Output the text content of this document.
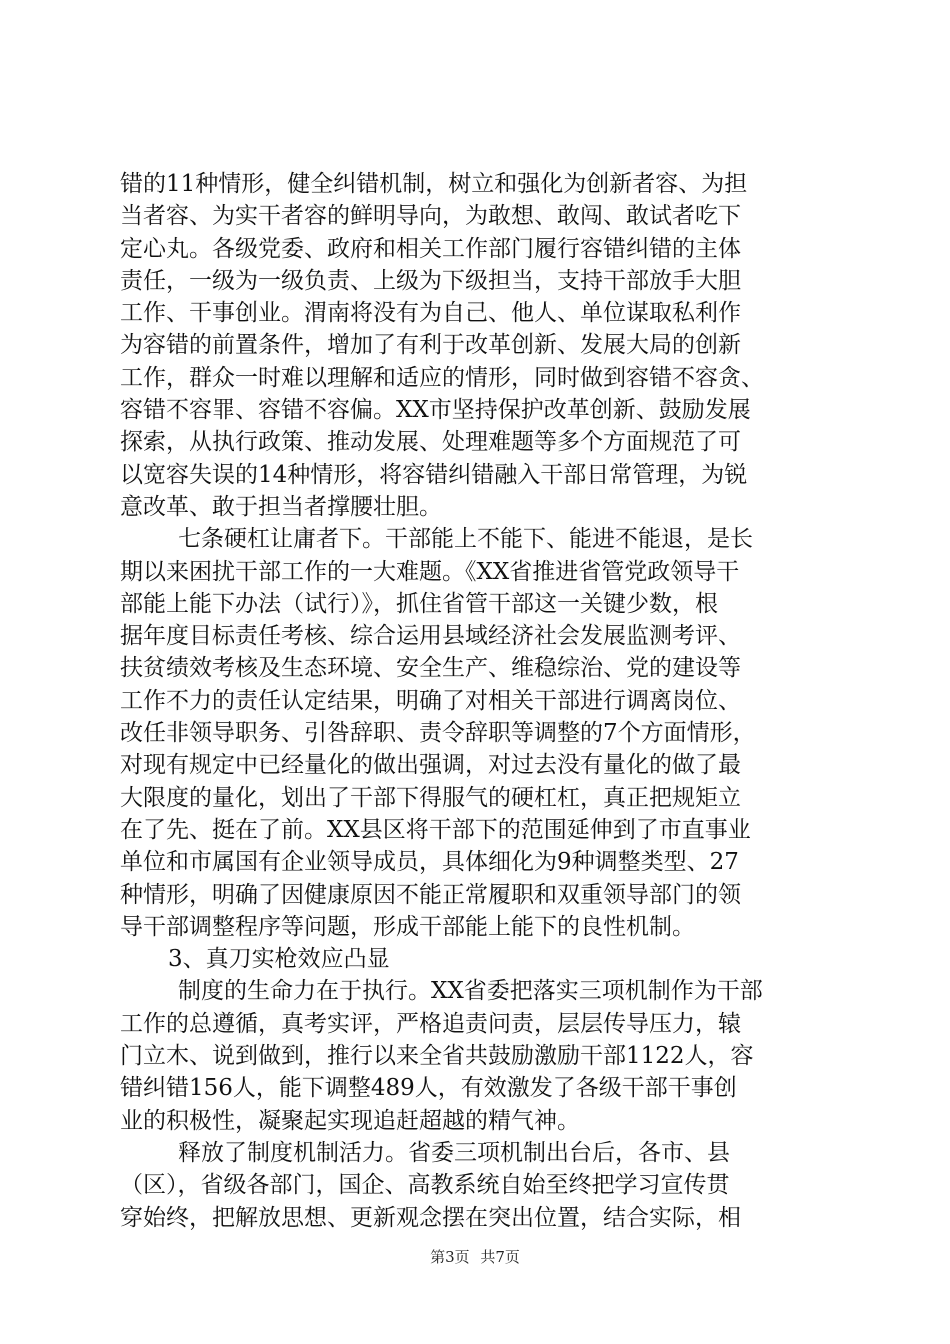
错的11种情形，健全纠错机制，树立和强化为创新者容、为担
当者容、为实干者容的鲜明导向，为敢想、敢闯、敢试者吃下
定心丸。各级党委、政府和相关工作部门履行容错纠错的主体
责任，一级为一级负责、上级为下级担当，支持干部放手大胆
工作、干事创业。渭南将没有为自己、他人、单位谋取私利作
为容错的前置条件，增加了有利于改革创新、发展大局的创新
工作，群众一时难以理解和适应的情形，同时做到容错不容贪、
容错不容罪、容错不容偏。XX市坚持保护改革创新、鼓励发展
探索，从执行政策、推动发展、处理难题等多个方面规范了可
以宽容失误的14种情形，将容错纠错融入干部日常管理，为锐
意改革、敢于担当者撑腰壮胆。
七条硬杠让庸者下。干部能上不能下、能进不能退，是长
期以来困扰干部工作的一大难题。《XX省推进省管党政领导干
部能上能下办法（试行）》，抓住省管干部这一关键少数，根
据年度目标责任考核、综合运用县域经济社会发展监测考评、
扶贫绩效考核及生态环境、安全生产、维稳综治、党的建设等
工作不力的责任认定结果，明确了对相关干部进行调离岗位、
改任非领导职务、引咎辞职、责令辞职等调整的7个方面情形，
对现有规定中已经量化的做出强调，对过去没有量化的做了最
大限度的量化，划出了干部下得服气的硬杠杠，真正把规矩立
在了先、挺在了前。XX县区将干部下的范围延伸到了市直事业
单位和市属国有企业领导成员，具体细化为9种调整类型、27
种情形，明确了因健康原因不能正常履职和双重领导部门的领
导干部调整程序等问题，形成干部能上能下的良性机制。
3、真刀实枪效应凸显
制度的生命力在于执行。XX省委把落实三项机制作为干部
工作的总遵循，真考实评，严格追责问责，层层传导压力，辕
门立木、说到做到，推行以来全省共鼓励激励干部1122人，容
错纠错156人，能下调整489人，有效激发了各级干部干事创
业的积极性，凝聚起实现追赶超越的精气神。
释放了制度机制活力。省委三项机制出台后，各市、县
（区），省级各部门，国企、高教系统自始至终把学习宣传贯
穿始终，把解放思想、更新观念摆在突出位置，结合实际，相
第3页 共7页
